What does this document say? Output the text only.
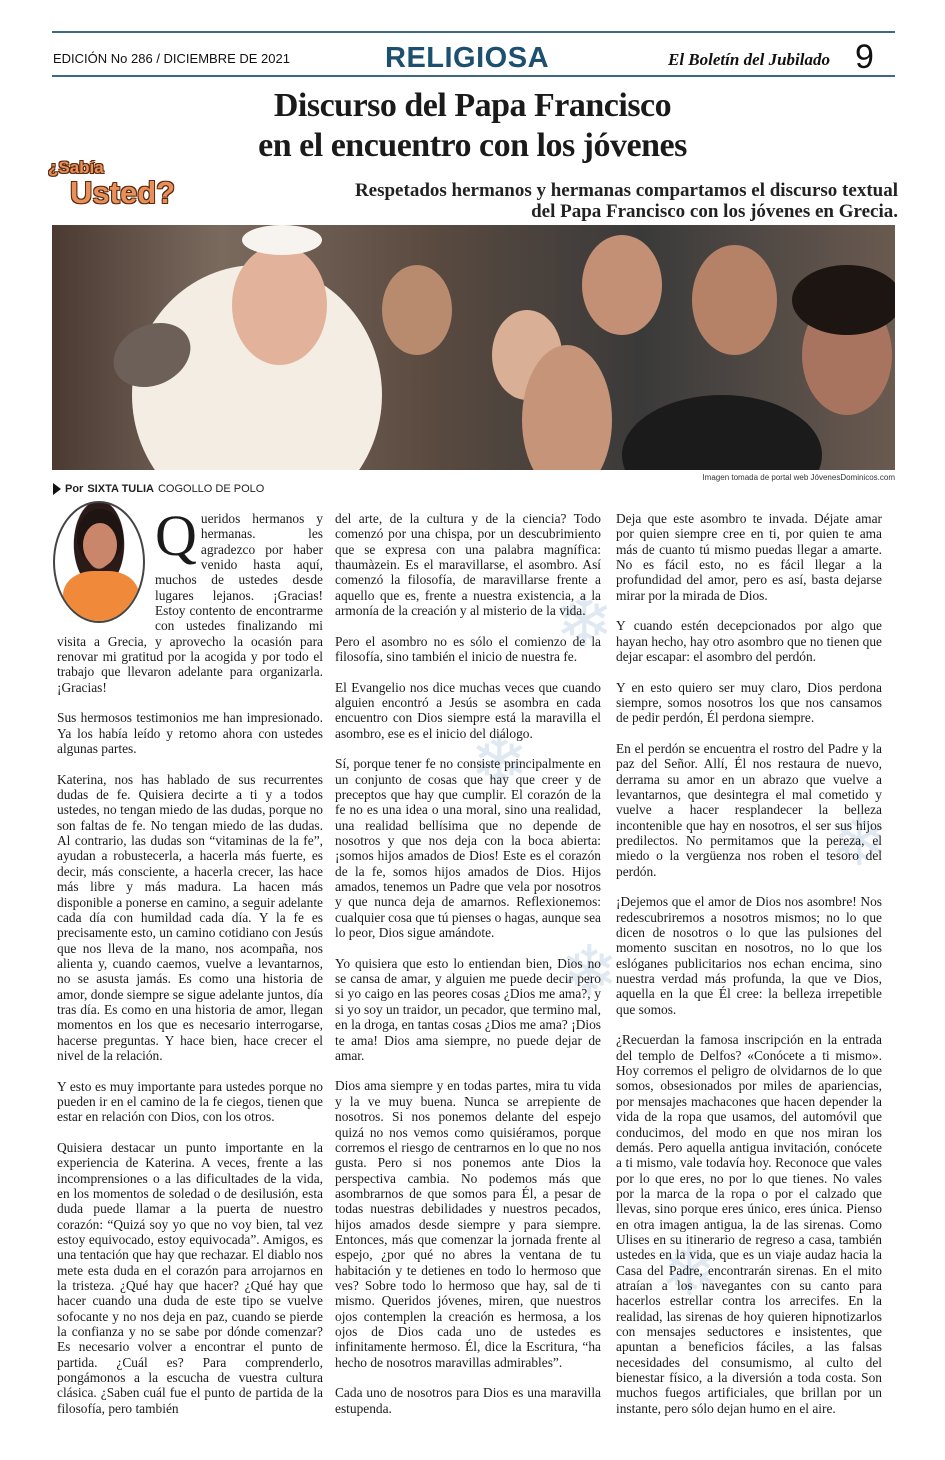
EDICIÓN No 286 / DICIEMBRE DE 2021	RELIGIOSA	El Boletín del Jubilado 9
Discurso del Papa Francisco
en el encuentro con los jóvenes
¿Sabía
Usted?	Respetados hermanos y hermanas compartamos el discurso textual del Papa Francisco con los jóvenes en Grecia.
Imagen tomada de portal web JóvenesDominicos.com
Por SIXTA TULIA COGOLLO DE POLO
❄
❄
❄
❄
❄

Queridos hermanos y hermanas. les agradezco por haber venido hasta aquí, muchos de ustedes desde lugares lejanos. ¡Gracias! Estoy contento de encontrarme con ustedes finalizando mi visita a Grecia, y aprovecho la ocasión para renovar mi gratitud por la acogida y por todo el trabajo que llevaron adelante para organizarla. ¡Gracias!

Sus hermosos testimonios me han impresionado. Ya los había leído y retomo ahora con ustedes algunas partes.

Katerina, nos has hablado de sus recurrentes dudas de fe. Quisiera decirte a ti y a todos ustedes, no tengan miedo de las dudas, porque no son faltas de fe. No tengan miedo de las dudas. Al contrario, las dudas son “vitaminas de la fe”, ayudan a robustecerla, a hacerla más fuerte, es decir, más consciente, a hacerla crecer, las hace más libre y más madura. La hacen más disponible a ponerse en camino, a seguir adelante cada día con humildad cada día. Y la fe es precisamente esto, un camino cotidiano con Jesús que nos lleva de la mano, nos acompaña, nos alienta y, cuando caemos, vuelve a levantarnos, no se asusta jamás. Es como una historia de amor, donde siempre se sigue adelante juntos, día tras día. Es como en una historia de amor, llegan momentos en los que es necesario interrogarse, hacerse preguntas. Y hace bien, hace crecer el nivel de la relación.

Y esto es muy importante para ustedes porque no pueden ir en el camino de la fe ciegos, tienen que estar en relación con Dios, con los otros.

Quisiera destacar un punto importante en la experiencia de Katerina. A veces, frente a las incomprensiones o a las dificultades de la vida, en los momentos de soledad o de desilusión, esta duda puede llamar a la puerta de nuestro corazón: “Quizá soy yo que no voy bien, tal vez estoy equivocado, estoy equivocada”. Amigos, es una tentación que hay que rechazar. El diablo nos mete esta duda en el corazón para arrojarnos en la tristeza. ¿Qué hay que hacer? ¿Qué hay que hacer cuando una duda de este tipo se vuelve sofocante y no nos deja en paz, cuando se pierde la confianza y no se sabe por dónde comenzar? Es necesario volver a encontrar el punto de partida. ¿Cuál es? Para comprenderlo, pongámonos a la escucha de vuestra cultura clásica. ¿Saben cuál fue el punto de partida de la filosofía, pero también

del arte, de la cultura y de la ciencia? Todo comenzó por una chispa, por un descubrimiento que se expresa con una palabra magnífica: thaumàzein. Es el maravillarse, el asombro. Así comenzó la filosofía, de maravillarse frente a aquello que es, frente a nuestra existencia, a la armonía de la creación y al misterio de la vida.

Pero el asombro no es sólo el comienzo de la filosofía, sino también el inicio de nuestra fe.

El Evangelio nos dice muchas veces que cuando alguien encontró a Jesús se asombra en cada encuentro con Dios siempre está la maravilla el asombro, ese es el inicio del diálogo.

Sí, porque tener fe no consiste principalmente en un conjunto de cosas que hay que creer y de preceptos que hay que cumplir. El corazón de la fe no es una idea o una moral, sino una realidad, una realidad bellísima que no depende de nosotros y que nos deja con la boca abierta: ¡somos hijos amados de Dios! Este es el corazón de la fe, somos hijos amados de Dios. Hijos amados, tenemos un Padre que vela por nosotros y que nunca deja de amarnos. Reflexionemos: cualquier cosa que tú pienses o hagas, aunque sea lo peor, Dios sigue amándote.

Yo quisiera que esto lo entiendan bien, Dios no se cansa de amar, y alguien me puede decir pero si yo caigo en las peores cosas ¿Dios me ama?, y si yo soy un traidor, un pecador, que termino mal, en la droga, en tantas cosas ¿Dios me ama? ¡Dios te ama! Dios ama siempre, no puede dejar de amar.

Dios ama siempre y en todas partes, mira tu vida y la ve muy buena. Nunca se arrepiente de nosotros. Si nos ponemos delante del espejo quizá no nos vemos como quisiéramos, porque corremos el riesgo de centrarnos en lo que no nos gusta. Pero si nos ponemos ante Dios la perspectiva cambia. No podemos más que asombrarnos de que somos para Él, a pesar de todas nuestras debilidades y nuestros pecados, hijos amados desde siempre y para siempre. Entonces, más que comenzar la jornada frente al espejo, ¿por qué no abres la ventana de tu habitación y te detienes en todo lo hermoso que ves? Sobre todo lo hermoso que hay, sal de ti mismo. Queridos jóvenes, miren, que nuestros ojos contemplen la creación es hermosa, a los ojos de Dios cada uno de ustedes es infinitamente hermoso. Él, dice la Escritura, “ha hecho de nosotros maravillas admirables”.

Cada uno de nosotros para Dios es una maravilla estupenda.

Deja que este asombro te invada. Déjate amar por quien siempre cree en ti, por quien te ama más de cuanto tú mismo puedas llegar a amarte. No es fácil esto, no es fácil llegar a la profundidad del amor, pero es así, basta dejarse mirar por la mirada de Dios.

Y cuando estén decepcionados por algo que hayan hecho, hay otro asombro que no tienen que dejar escapar: el asombro del perdón.

Y en esto quiero ser muy claro, Dios perdona siempre, somos nosotros los que nos cansamos de pedir perdón, Él perdona siempre.

En el perdón se encuentra el rostro del Padre y la paz del Señor. Allí, Él nos restaura de nuevo, derrama su amor en un abrazo que vuelve a levantarnos, que desintegra el mal cometido y vuelve a hacer resplandecer la belleza incontenible que hay en nosotros, el ser sus hijos predilectos. No permitamos que la pereza, el miedo o la vergüenza nos roben el tesoro del perdón.

¡Dejemos que el amor de Dios nos asombre! Nos redescubriremos a nosotros mismos; no lo que dicen de nosotros o lo que las pulsiones del momento suscitan en nosotros, no lo que los eslóganes publicitarios nos echan encima, sino nuestra verdad más profunda, la que ve Dios, aquella en la que Él cree: la belleza irrepetible que somos.

¿Recuerdan la famosa inscripción en la entrada del templo de Delfos? «Conócete a ti mismo». Hoy corremos el peligro de olvidarnos de lo que somos, obsesionados por miles de apariencias, por mensajes machacones que hacen depender la vida de la ropa que usamos, del automóvil que conducimos, del modo en que nos miran los demás. Pero aquella antigua invitación, conócete a ti mismo, vale todavía hoy. Reconoce que vales por lo que eres, no por lo que tienes. No vales por la marca de la ropa o por el calzado que llevas, sino porque eres único, eres única. Pienso en otra imagen antigua, la de las sirenas. Como Ulises en su itinerario de regreso a casa, también ustedes en la vida, que es un viaje audaz hacia la Casa del Padre, encontrarán sirenas. En el mito atraían a los navegantes con su canto para hacerlos estrellar contra los arrecifes. En la realidad, las sirenas de hoy quieren hipnotizarlos con mensajes seductores e insistentes, que apuntan a beneficios fáciles, a las falsas necesidades del consumismo, al culto del bienestar físico, a la diversión a toda costa. Son muchos fuegos artificiales, que brillan por un instante, pero sólo dejan humo en el aire.
